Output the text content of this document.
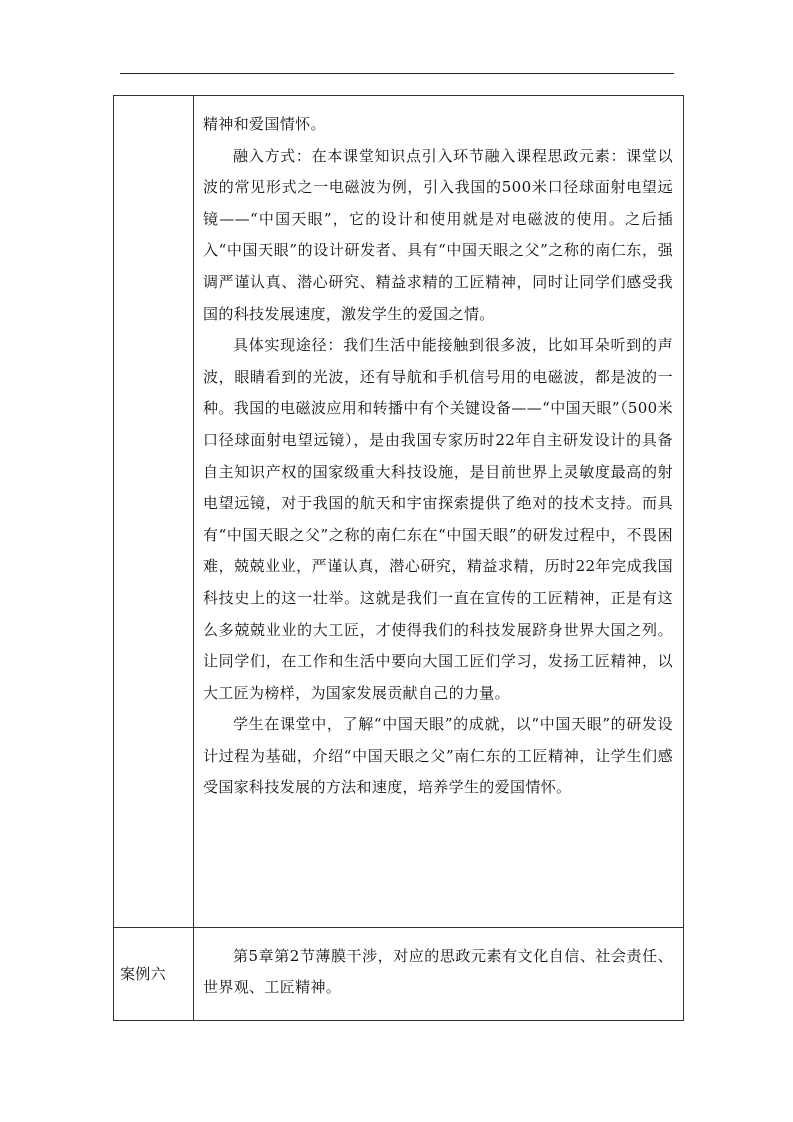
	精神和爱国情怀。

融入方式：在本课堂知识点引入环节融入课程思政元素：课堂以波的常见形式之一电磁波为例，引入我国的500米口径球面射电望远镜——“中国天眼”，它的设计和使用就是对电磁波的使用。之后插入“中国天眼”的设计研发者、具有“中国天眼之父”之称的南仁东，强调严谨认真、潜心研究、精益求精的工匠精神，同时让同学们感受我国的科技发展速度，激发学生的爱国之情。

具体实现途径：我们生活中能接触到很多波，比如耳朵听到的声波，眼睛看到的光波，还有导航和手机信号用的电磁波，都是波的一种。我国的电磁波应用和转播中有个关键设备——“中国天眼”（500米口径球面射电望远镜），是由我国专家历时22年自主研发设计的具备自主知识产权的国家级重大科技设施，是目前世界上灵敏度最高的射电望远镜，对于我国的航天和宇宙探索提供了绝对的技术支持。而具有“中国天眼之父”之称的南仁东在“中国天眼”的研发过程中，不畏困难，兢兢业业，严谨认真，潜心研究，精益求精，历时22年完成我国科技史上的这一壮举。这就是我们一直在宣传的工匠精神，正是有这么多兢兢业业的大工匠，才使得我们的科技发展跻身世界大国之列。让同学们，在工作和生活中要向大国工匠们学习，发扬工匠精神，以大工匠为榜样，为国家发展贡献自己的力量。

学生在课堂中，了解“中国天眼”的成就，以“中国天眼”的研发设计过程为基础，介绍“中国天眼之父”南仁东的工匠精神，让学生们感受国家科技发展的方法和速度，培养学生的爱国情怀。

案例六	第5章第2节薄膜干涉，对应的思政元素有文化自信、社会责任、世界观、工匠精神。
